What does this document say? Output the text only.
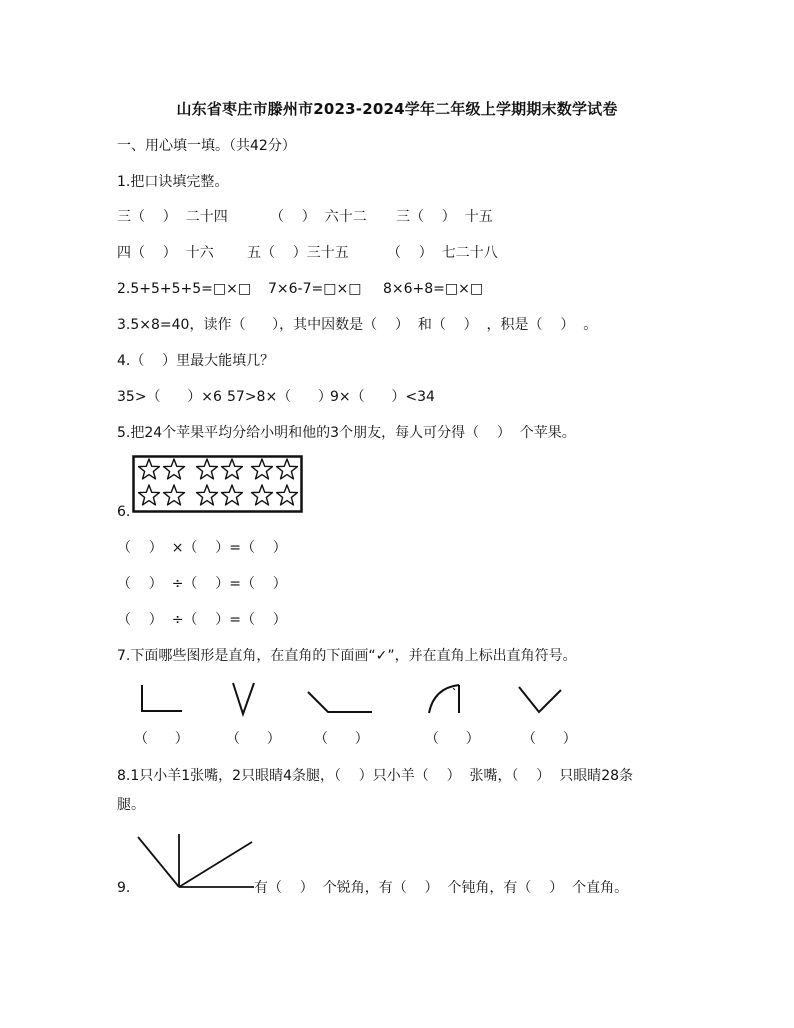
山东省枣庄市滕州市2023-2024学年二年级上学期期末数学试卷
一、用心填一填。（共42分）
1.把口诀填完整。
三（    ）  二十四	（    ）  六十二 三（    ）  十五
四（    ）  十六 五（    ）三十五	（    ）  七二十八
2.5+5+5+5=□×□ 7×6-7=□×□ 8×6+8=□×□
3.5×8=40，读作（      ），其中因数是（    ）  和（    ）  ，积是（    ）  。
4.（    ）里最大能填几？
35>（      ）×6 57>8×（      ）
9×（      ）<34
5.把24个苹果平均分给小明和他的3个朋友，每人可分得（    ）  个苹果。
6.
（    ）  ×（    ）=（    ）
（    ）  ÷（    ）=（    ）
（    ）  ÷（    ）=（    ）
7.下面哪些图形是直角，在直角的下面画“✓”，并在直角上标出直角符号。
（      ）	（      ） （      ）	（      ）	（      ）
8.1只小羊1张嘴，2只眼睛4条腿，（    ）只小羊（    ）  张嘴，（    ）  只眼睛28条
腿。
9.	有（    ）  个锐角，有（    ）  个钝角，有（    ）  个直角。
